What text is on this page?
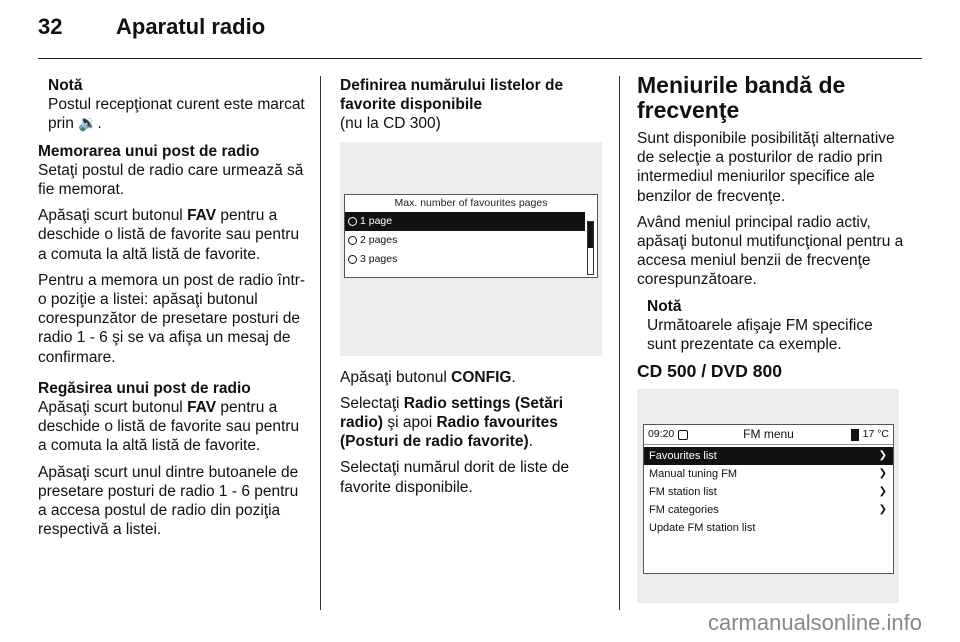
32	Aparatul radio
Notă
Postul recepţionat curent este marcat prin 🔉.
Memorarea unui post de radio

Setaţi postul de radio care urmează să fie memorat.

Apăsaţi scurt butonul FAV pentru a deschide o listă de favorite sau pentru a comuta la altă listă de favorite.

Pentru a memora un post de radio într-o poziţie a listei: apăsaţi butonul corespunzător de presetare posturi de radio 1 - 6 şi se va afişa un mesaj de confirmare.

Regăsirea unui post de radio

Apăsaţi scurt butonul FAV pentru a deschide o listă de favorite sau pentru a comuta la altă listă de favorite.

Apăsaţi scurt unul dintre butoanele de presetare posturi de radio 1 - 6 pentru a accesa postul de radio din poziţia respectivă a listei.

Definirea numărului listelor de favorite disponibile
(nu la CD 300)
Max. number of favourites pages
1 page
2 pages
3 pages

Apăsaţi butonul CONFIG.

Selectaţi Radio settings (Setări radio) şi apoi Radio favourites (Posturi de radio favorite).

Selectaţi numărul dorit de liste de favorite disponibile.

Meniurile bandă de frecvenţe

Sunt disponibile posibilităţi alternative de selecţie a posturilor de radio prin intermediul meniurilor specifice ale benzilor de frecvenţe.

Având meniul principal radio activ, apăsaţi butonul mutifuncţional pentru a accesa meniul benzii de frecvenţe corespunzătoare.

Notă
Următoarele afişaje FM specifice sunt prezentate ca exemple.
CD 500 / DVD 800
09:20	FM menu	17 °C
Favourites list	❯
Manual tuning FM	❯
FM station list	❯
FM categories	❯
Update FM station list
carmanualsonline.info
